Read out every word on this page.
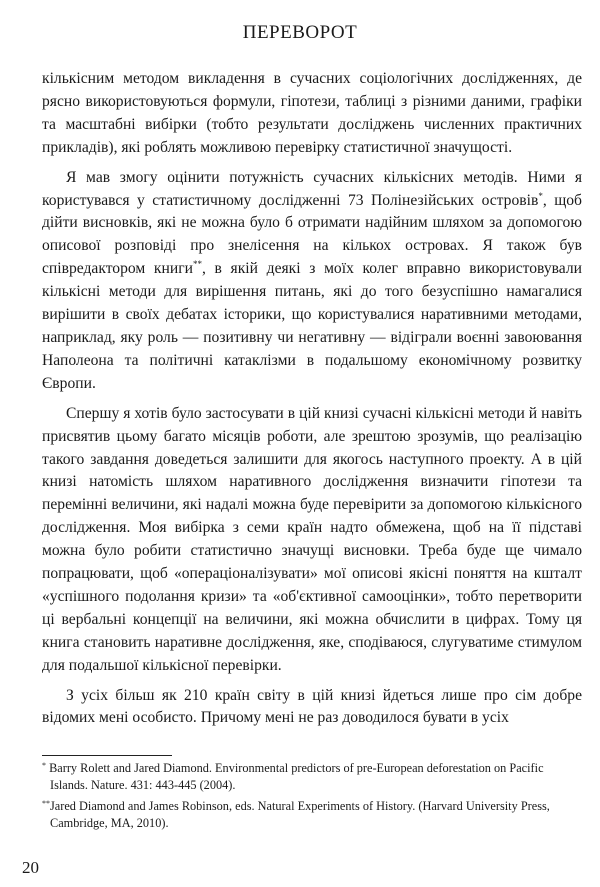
ПЕРЕВОРОТ

кількісним методом викладення в сучасних соціологічних дослідженнях, де рясно використовуються формули, гіпотези, таблиці з різними даними, графіки та масштабні вибірки (тобто результати досліджень численних практичних прикладів), які роблять можливою перевірку статистичної значущості.

Я мав змогу оцінити потужність сучасних кількісних методів. Ними я користувався у статистичному дослідженні 73 Полінезійських островів*, щоб дійти висновків, які не можна було б отримати надійним шляхом за допомогою описової розповіді про знелісення на кількох островах. Я також був співредактором книги**, в якій деякі з моїх колег вправно використовували кількісні методи для вирішення питань, які до того безуспішно намагалися вирішити в своїх дебатах історики, що користувалися наративними методами, наприклад, яку роль — позитивну чи негативну — відіграли воєнні завоювання Наполеона та політичні катаклізми в подальшому економічному розвитку Європи.

Спершу я хотів було застосувати в цій книзі сучасні кількісні методи й навіть присвятив цьому багато місяців роботи, але зрештою зрозумів, що реалізацію такого завдання доведеться залишити для якогось наступного проекту. А в цій книзі натомість шляхом наративного дослідження визначити гіпотези та перемінні величини, які надалі можна буде перевірити за допомогою кількісного дослідження. Моя вибірка з семи країн надто обмежена, щоб на її підставі можна було робити статистично значущі висновки. Треба буде ще чимало попрацювати, щоб «операціоналізувати» мої описові якісні поняття на кшталт «успішного подолання кризи» та «об'єктивної самооцінки», тобто перетворити ці вербальні концепції на величини, які можна обчислити в цифрах. Тому ця книга становить наративне дослідження, яке, сподіваюся, слугуватиме стимулом для подальшої кількісної перевірки.

З усіх більш як 210 країн світу в цій книзі йдеться лише про сім добре відомих мені особисто. Причому мені не раз доводилося бувати в усіх

* Barry Rolett and Jared Diamond. Environmental predictors of pre-European deforestation on Pacific Islands. Nature. 431: 443-445 (2004).

**Jared Diamond and James Robinson, eds. Natural Experiments of History. (Harvard University Press, Cambridge, MA, 2010).

20
